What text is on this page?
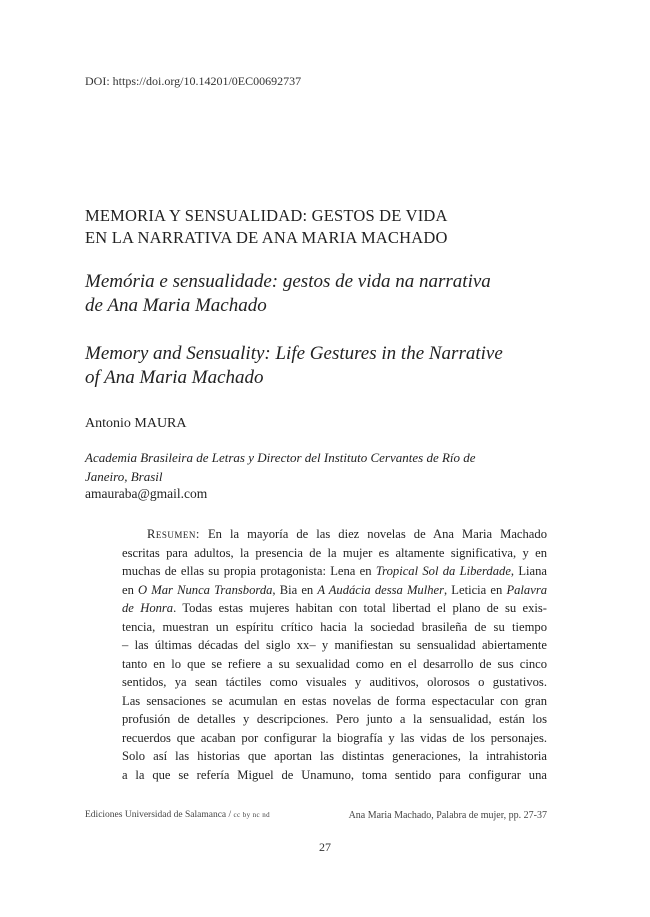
DOI: https://doi.org/10.14201/0EC00692737
MEMORIA Y SENSUALIDAD: GESTOS DE VIDA
EN LA NARRATIVA DE ANA MARIA MACHADO
Memória e sensualidade: gestos de vida na narrativa
de Ana Maria Machado
Memory and Sensuality: Life Gestures in the Narrative
of Ana Maria Machado
Antonio MAURA
Academia Brasileira de Letras y Director del Instituto Cervantes de Río de
Janeiro, Brasil
amauraba@gmail.com
Resumen: En la mayoría de las diez novelas de Ana Maria Machado
escritas para adultos, la presencia de la mujer es altamente significativa, y en
muchas de ellas su propia protagonista: Lena en Tropical Sol da Liberdade, Liana
en O Mar Nunca Transborda, Bia en A Audácia dessa Mulher, Leticia en Palavra
de Honra. Todas estas mujeres habitan con total libertad el plano de su exis-
tencia, muestran un espíritu crítico hacia la sociedad brasileña de su tiempo
– las últimas décadas del siglo xx– y manifiestan su sensualidad abiertamente
tanto en lo que se refiere a su sexualidad como en el desarrollo de sus cinco
sentidos, ya sean táctiles como visuales y auditivos, olorosos o gustativos.
Las sensaciones se acumulan en estas novelas de forma espectacular con gran
profusión de detalles y descripciones. Pero junto a la sensualidad, están los
recuerdos que acaban por configurar la biografía y las vidas de los personajes.
Solo así las historias que aportan las distintas generaciones, la intrahistoria
a la que se refería Miguel de Unamuno, toma sentido para configurar una
Ediciones Universidad de Salamanca / cc by nc nd	Ana Maria Machado, Palabra de mujer, pp. 27-37
27
